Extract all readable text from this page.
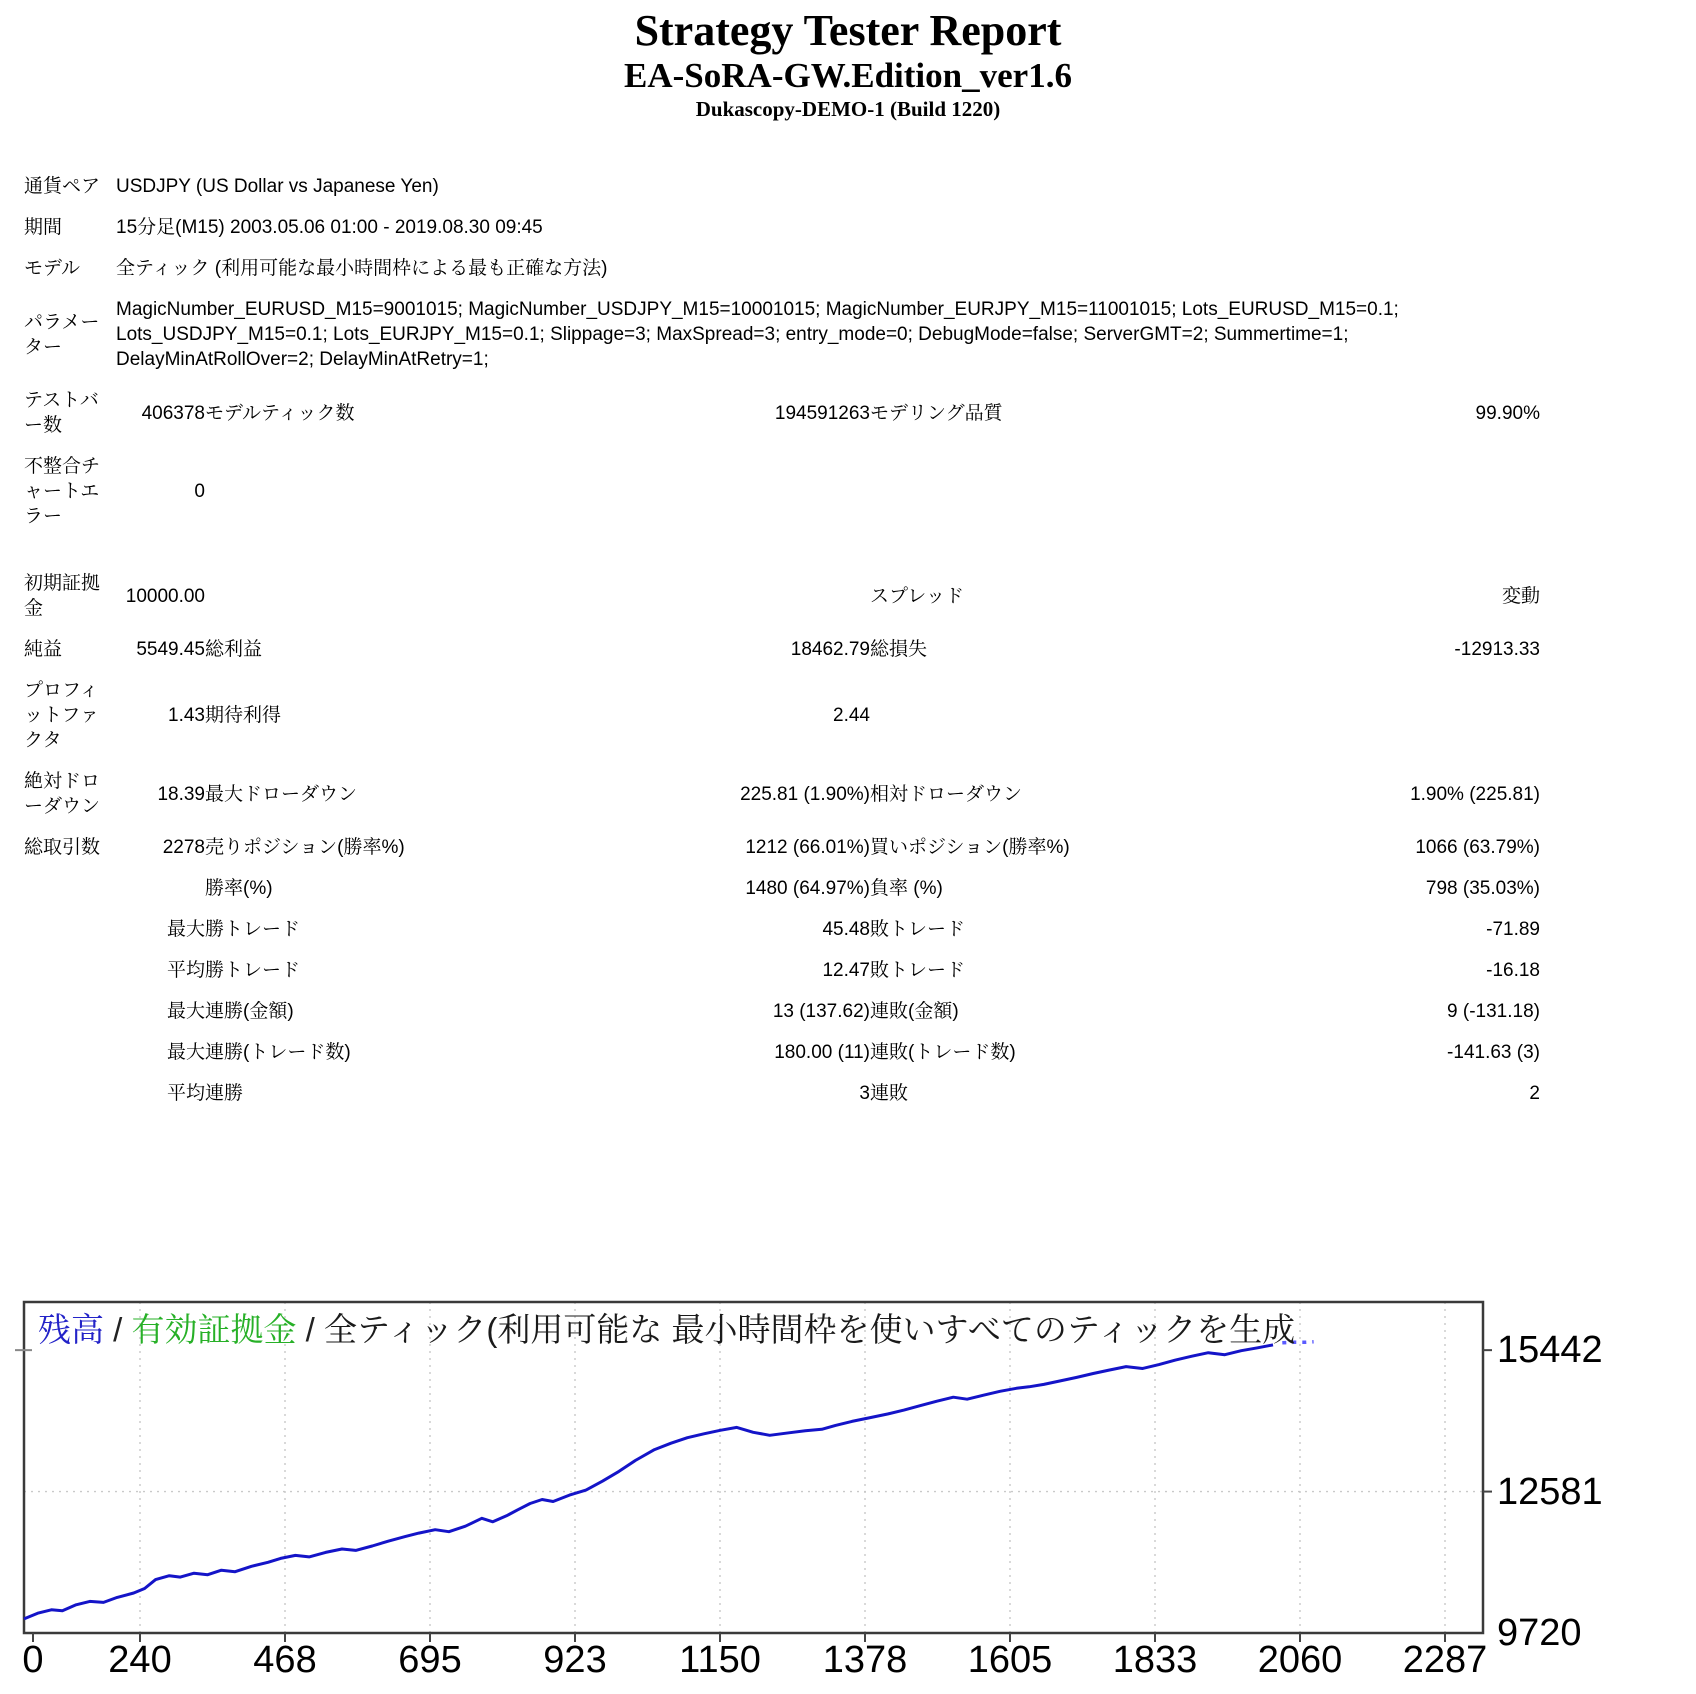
Strategy Tester Report
EA-SoRA-GW.Edition_ver1.6
Dukascopy-DEMO-1 (Build 1220)
通貨ペア	USDJPY (US Dollar vs Japanese Yen)				
期間	15分足(M15) 2003.05.06 01:00 - 2019.08.30 09:45				
モデル	全ティック (利用可能な最小時間枠による最も正確な方法)				
パラメーター	MagicNumber_EURUSD_M15=9001015; MagicNumber_USDJPY_M15=10001015; MagicNumber_EURJPY_M15=11001015; Lots_EURUSD_M15=0.1; Lots_USDJPY_M15=0.1; Lots_EURJPY_M15=0.1; Slippage=3; MaxSpread=3; entry_mode=0; DebugMode=false; ServerGMT=2; Summertime=1; DelayMinAtRollOver=2; DelayMinAtRetry=1;				
テストバー数	406378	モデルティック数	194591263	モデリング品質	99.90%
不整合チャートエラー	0				

初期証拠金	10000.00			スプレッド	変動
純益	5549.45	総利益	18462.79	総損失	-12913.33
プロフィットファクタ	1.43	期待利得	2.44		
絶対ドローダウン	18.39	最大ドローダウン	225.81 (1.90%)	相対ドローダウン	1.90% (225.81)
総取引数	2278	売りポジション(勝率%)	1212 (66.01%)	買いポジション(勝率%)	1066 (63.79%)
		勝率(%)	1480 (64.97%)	負率 (%)	798 (35.03%)
	最大	勝トレード	45.48	敗トレード	-71.89
	平均	勝トレード	12.47	敗トレード	-16.18
	最大	連勝(金額)	13 (137.62)	連敗(金額)	9 (-131.18)
	最大	連勝(トレード数)	180.00 (11)	連敗(トレード数)	-141.63 (3)
	平均	連勝	3	連敗	2
残高 / 有効証拠金 / 全ティック(利用可能な 最小時間枠を使いすべてのティックを生成	15442
12581
9720
0 240 468 695 923 1150 1378 1605 1833 2060 2287
